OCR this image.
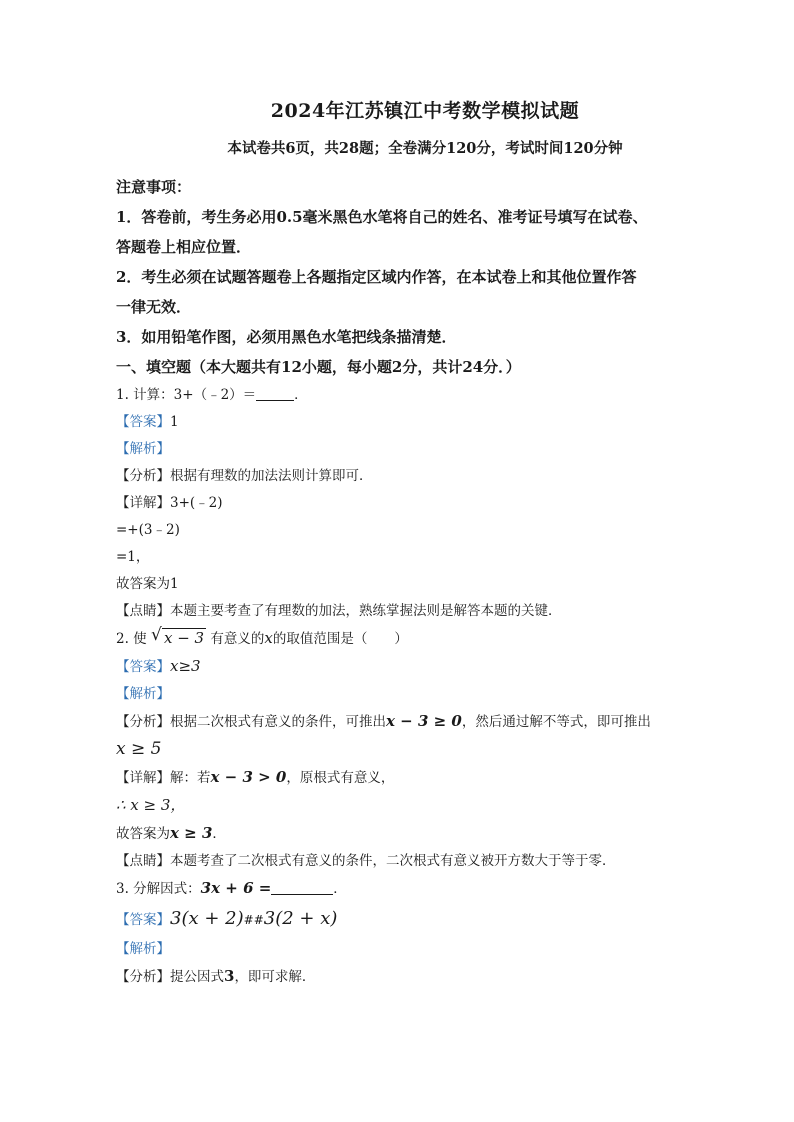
2024年江苏镇江中考数学模拟试题

本试卷共6页，共28题；全卷满分120分，考试时间120分钟

注意事项：

1．答卷前，考生务必用0.5毫米黑色水笔将自己的姓名、准考证号填写在试卷、

答题卷上相应位置．

2．考生必须在试题答题卷上各题指定区域内作答，在本试卷上和其他位置作答

一律无效．

3．如用铅笔作图，必须用黑色水笔把线条描清楚．

一、填空题（本大题共有12小题，每小题2分，共计24分．）

1. 计算：3+（﹣2）＝	．

【答案】1

【解析】

【分析】根据有理数的加法法则计算即可．

【详解】3+(﹣2)

=+(3﹣2)

=1，

故答案为1

【点睛】本题主要考查了有理数的加法，熟练掌握法则是解答本题的关键．

2. 使 √ x − 3 有意义的x的取值范围是（　　）

【答案】x≥3

【解析】

【分析】根据二次根式有意义的条件，可推出x − 3 ≥ 0，然后通过解不等式，即可推出

x ≥ 5

【详解】解：若x − 3 > 0，原根式有意义，

∴ x ≥ 3，

故答案为x ≥ 3．

【点睛】本题考查了二次根式有意义的条件，二次根式有意义被开方数大于等于零．

3. 分解因式：3x + 6 =	．

【答案】3(x + 2)##3(2 + x)

【解析】

【分析】提公因式3，即可求解．
